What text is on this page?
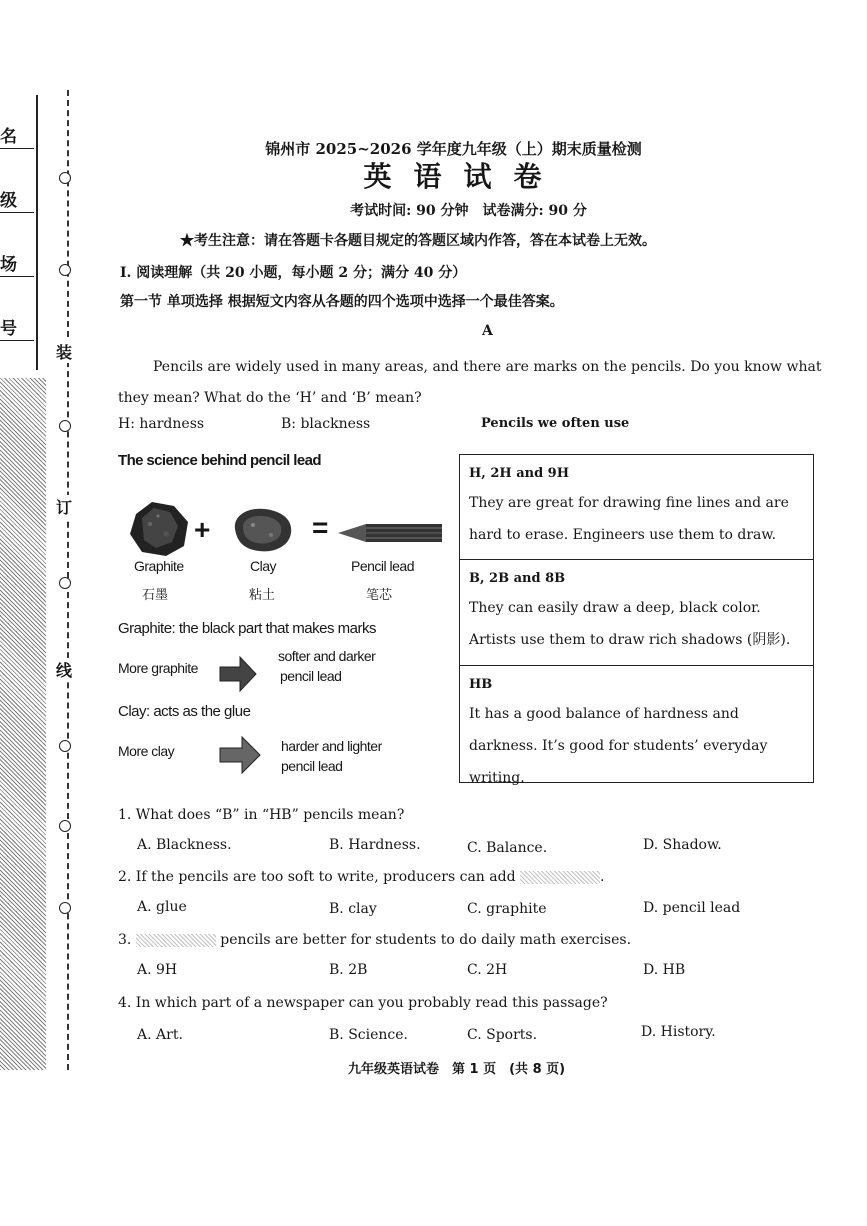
名
级
场
号
装
订
线
锦州市 2025~2026 学年度九年级（上）期末质量检测
英语试卷
考试时间: 90 分钟　试卷满分: 90 分
★考生注意：请在答题卡各题目规定的答题区域内作答，答在本试卷上无效。
I. 阅读理解（共 20 小题，每小题 2 分；满分 40 分）
第一节 单项选择 根据短文内容从各题的四个选项中选择一个最佳答案。
A
Pencils are widely used in many areas, and there are marks on the pencils. Do you know what they mean? What do the ‘H’ and ‘B’ mean?
H: hardness	B: blackness	Pencils we often use
The science behind pencil lead
+	=
Graphite
石墨
Clay
粘土
Pencil lead
笔芯
Graphite: the black part that makes marks
More graphite
softer and darker
pencil lead
Clay: acts as the glue
More clay	harder and lighter
pencil lead
H, 2H and 9H
They are great for drawing fine lines and are hard to erase. Engineers use them to draw.
B, 2B and 8B
They can easily draw a deep, black color. Artists use them to draw rich shadows (阴影).
HB
It has a good balance of hardness and darkness. It’s good for students’ everyday writing.
1. What does “B” in “HB” pencils mean?
A. Blackness.	B. Hardness.	C. Balance.	D. Shadow.
2. If the pencils are too soft to write, producers can add	.
A. glue	B. clay	C. graphite	D. pencil lead
3.	pencils are better for students to do daily math exercises.
A. 9H	B. 2B	C. 2H	D. HB
4. In which part of a newspaper can you probably read this passage?
A. Art.	B. Science.	C. Sports.	D. History.
九年级英语试卷　第 1 页　(共 8 页)
